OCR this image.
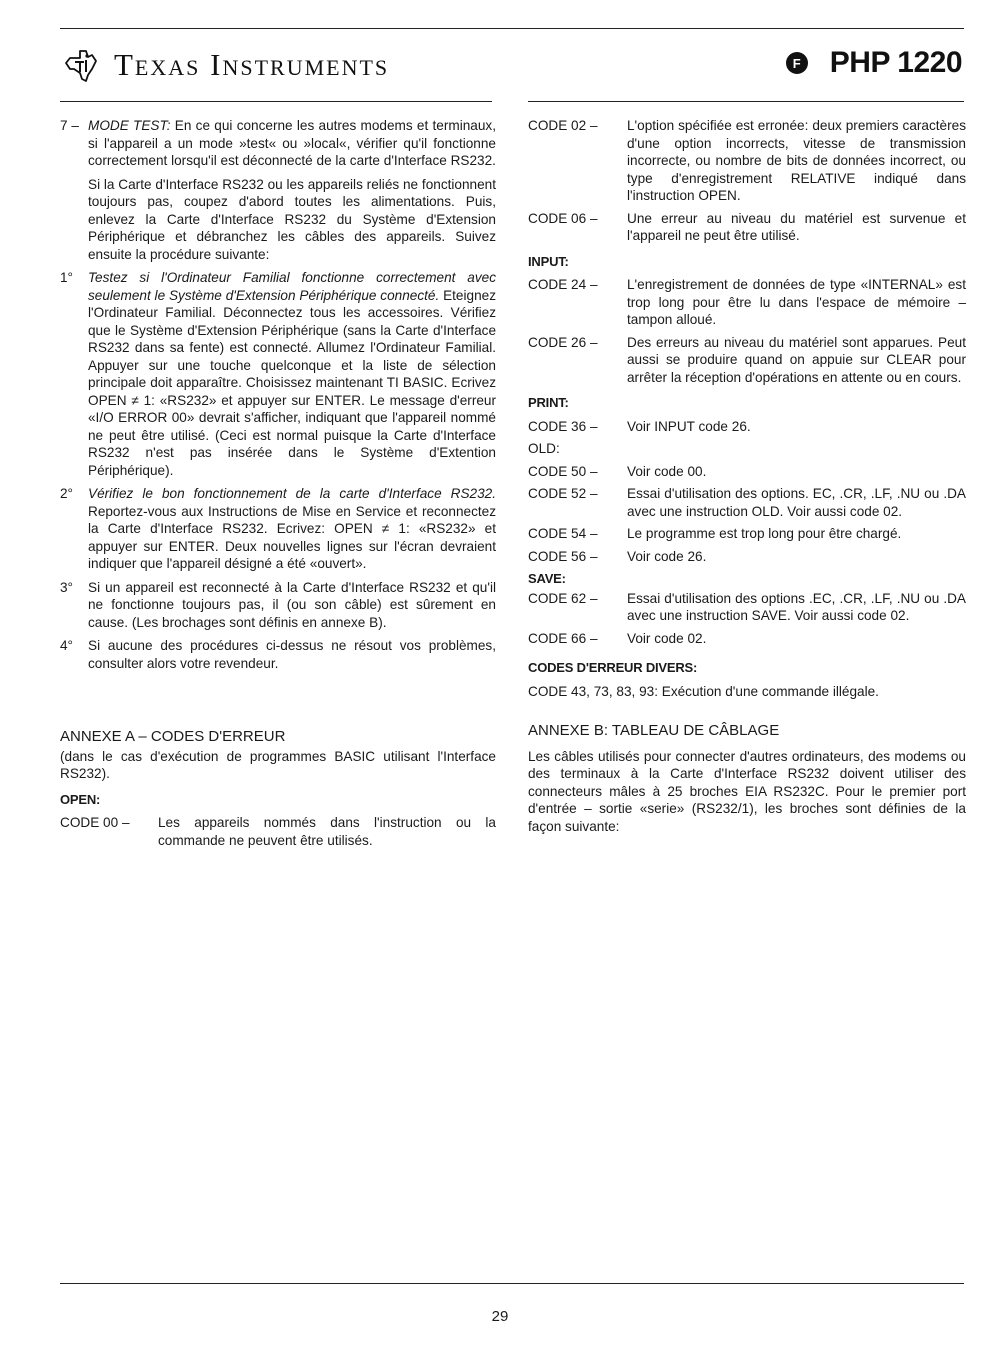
Texas Instruments	F PHP 1220
7 – MODE TEST: En ce qui concerne les autres modems et terminaux, si l'appareil a un mode »test« ou »local«, vérifier qu'il fonctionne correctement lorsqu'il est déconnecté de la carte d'Interface RS232.
Si la Carte d'Interface RS232 ou les appareils reliés ne fonctionnent toujours pas, coupez d'abord toutes les alimentations. Puis, enlevez la Carte d'Interface RS232 du Système d'Extension Périphérique et débranchez les câbles des appareils. Suivez ensuite la procédure suivante:
1°	Testez si l'Ordinateur Familial fonctionne correctement avec seulement le Système d'Extension Périphérique connecté. Eteignez l'Ordinateur Familial. Déconnectez tous les accessoires. Vérifiez que le Système d'Extension Périphérique (sans la Carte d'Interface RS232 dans sa fente) est connecté. Allumez l'Ordinateur Familial. Appuyer sur une touche quelconque et la liste de sélection principale doit apparaître. Choisissez maintenant TI BASIC. Ecrivez OPEN ≠ 1: «RS232» et appuyer sur ENTER. Le message d'erreur «I/O ERROR 00» devrait s'afficher, indiquant que l'appareil nommé ne peut être utilisé. (Ceci est normal puisque la Carte d'Interface RS232 n'est pas insérée dans le Système d'Extention Périphérique).
2°	Vérifiez le bon fonctionnement de la carte d'Interface RS232. Reportez-vous aux Instructions de Mise en Service et reconnectez la Carte d'Interface RS232. Ecrivez: OPEN ≠ 1: «RS232» et appuyer sur ENTER. Deux nouvelles lignes sur l'écran devraient indiquer que l'appareil désigné a été «ouvert».
3°	Si un appareil est reconnecté à la Carte d'Interface RS232 et qu'il ne fonctionne toujours pas, il (ou son câble) est sûrement en cause. (Les brochages sont définis en annexe B).
4°	Si aucune des procédures ci-dessus ne résout vos problèmes, consulter alors votre revendeur.
ANNEXE A – CODES D'ERREUR
(dans le cas d'exécution de programmes BASIC utilisant l'Interface RS232).
OPEN:
CODE 00 –	Les appareils nommés dans l'instruction ou la commande ne peuvent être utilisés.
CODE 02 –	L'option spécifiée est erronée: deux premiers caractères d'une option incorrects, vitesse de transmission incorrecte, ou nombre de bits de données incorrect, ou type d'enregistrement RELATIVE indiqué dans l'instruction OPEN.
CODE 06 –	Une erreur au niveau du matériel est survenue et l'appareil ne peut être utilisé.
INPUT:
CODE 24 –	L'enregistrement de données de type «INTERNAL» est trop long pour être lu dans l'espace de mémoire – tampon alloué.
CODE 26 –	Des erreurs au niveau du matériel sont apparues. Peut aussi se produire quand on appuie sur CLEAR pour arrêter la réception d'opérations en attente ou en cours.
PRINT:
CODE 36 –	Voir INPUT code 26.
OLD:
CODE 50 –	Voir code 00.
CODE 52 –	Essai d'utilisation des options. EC, .CR, .LF, .NU ou .DA avec une instruction OLD. Voir aussi code 02.
CODE 54 –	Le programme est trop long pour être chargé.
CODE 56 –	Voir code 26.
SAVE:
CODE 62 –	Essai d'utilisation des options .EC, .CR, .LF, .NU ou .DA avec une instruction SAVE. Voir aussi code 02.
CODE 66 –	Voir code 02.
CODES D'ERREUR DIVERS:
CODE 43, 73, 83, 93: Exécution d'une commande illégale.
ANNEXE B: TABLEAU DE CÂBLAGE
Les câbles utilisés pour connecter d'autres ordinateurs, des modems ou des terminaux à la Carte d'Interface RS232 doivent utiliser des connecteurs mâles à 25 broches EIA RS232C. Pour le premier port d'entrée – sortie «serie» (RS232/1), les broches sont définies de la façon suivante:
29
